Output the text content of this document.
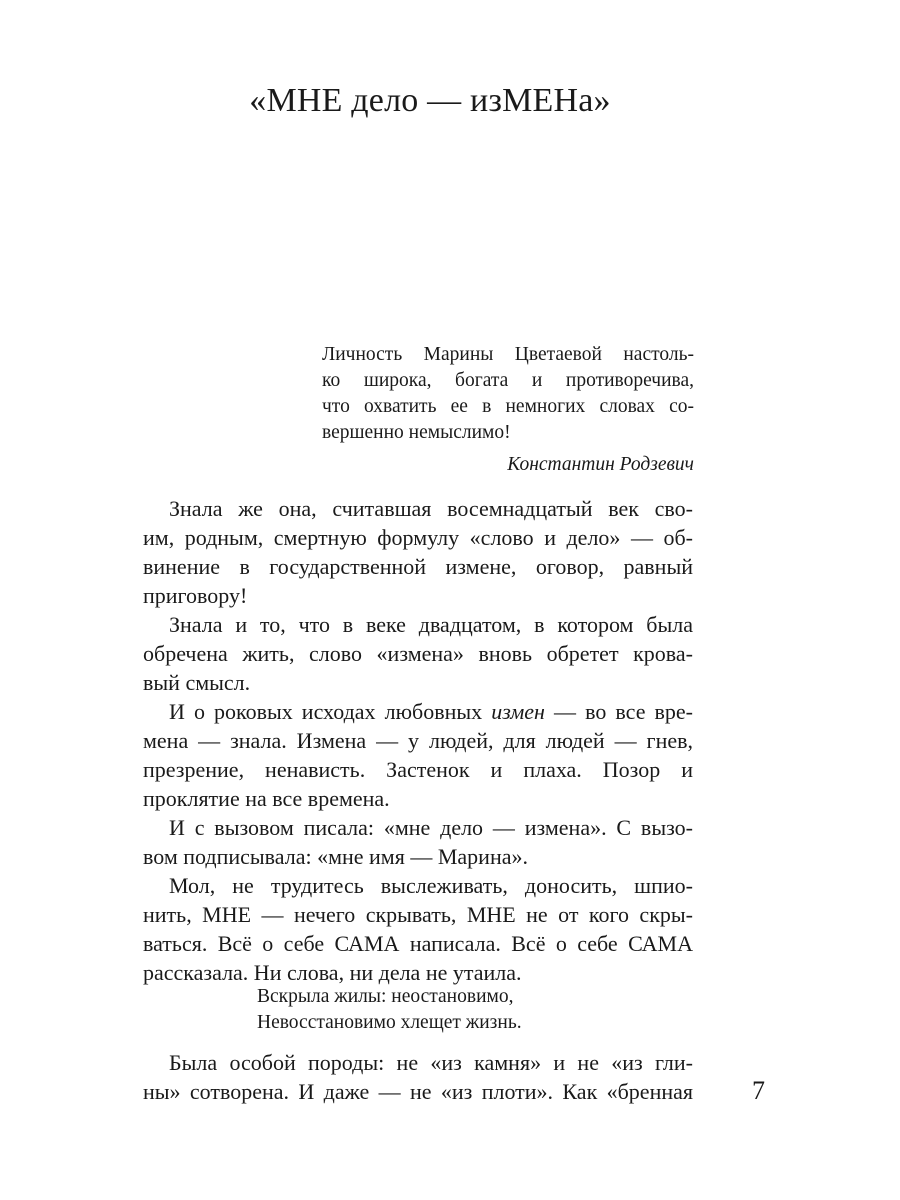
«МНЕ дело — изМЕНа»
Личность Марины Цветаевой настоль-
ко широка, богата и противоречива,
что охватить ее в немногих словах со-
вершенно немыслимо!
Константин Родзевич
Знала же она, считавшая восемнадцатый век сво-
им, родным, смертную формулу «слово и дело» — об-
винение в государственной измене, оговор, равный
приговору!
Знала и то, что в веке двадцатом, в котором была
обречена жить, слово «измена» вновь обретет крова-
вый смысл.
И о роковых исходах любовных измен — во все вре-
мена — знала. Измена — у людей, для людей — гнев,
презрение, ненависть. Застенок и плаха. Позор и
проклятие на все времена.
И с вызовом писала: «мне дело — измена». С вызо-
вом подписывала: «мне имя — Марина».
Мол, не трудитесь выслеживать, доносить, шпио-
нить, МНЕ — нечего скрывать, МНЕ не от кого скры-
ваться. Всё о себе САМА написала. Всё о себе САМА
рассказала. Ни слова, ни дела не утаила.
Вскрыла жилы: неостановимо,
Невосстановимо хлещет жизнь.
Была особой породы: не «из камня» и не «из гли-
ны» сотворена. И даже — не «из плоти». Как «бренная 7
